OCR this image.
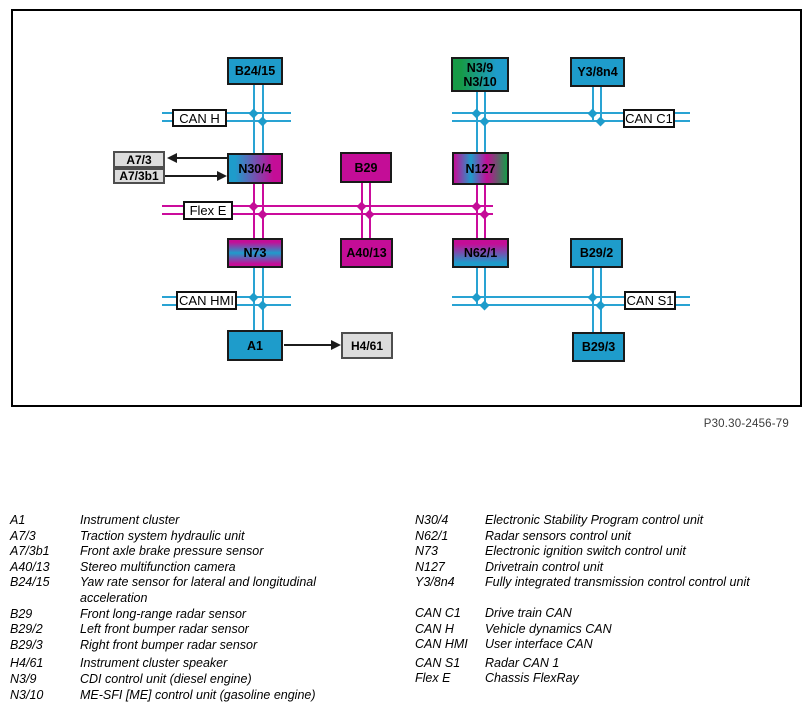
B24/15
N30/4
N73
A1
B29
A40/13
N3/9
N3/10
N127
N62/1
Y3/8n4
B29/2
B29/3
A7/3
A7/3b1
H4/61
CAN H
Flex E
CAN HMI
CAN C1
CAN S1
P30.30-2456-79
A1	Instrument cluster
A7/3	Traction system hydraulic unit
A7/3b1	Front axle brake pressure sensor
A40/13	Stereo multifunction camera
B24/15	Yaw rate sensor for lateral and longitudinal acceleration
B29	Front long-range radar sensor
B29/2	Left front bumper radar sensor
B29/3	Right front bumper radar sensor
H4/61	Instrument cluster speaker
N3/9	CDI control unit (diesel engine)
N3/10	ME-SFI [ME] control unit (gasoline engine)
N30/4	Electronic Stability Program control unit
N62/1	Radar sensors control unit
N73	Electronic ignition switch control unit
N127	Drivetrain control unit
Y3/8n4	Fully integrated transmission control control unit
CAN C1	Drive train CAN
CAN H	Vehicle dynamics CAN
CAN HMI	User interface CAN
CAN S1	Radar CAN 1
Flex E	Chassis FlexRay
